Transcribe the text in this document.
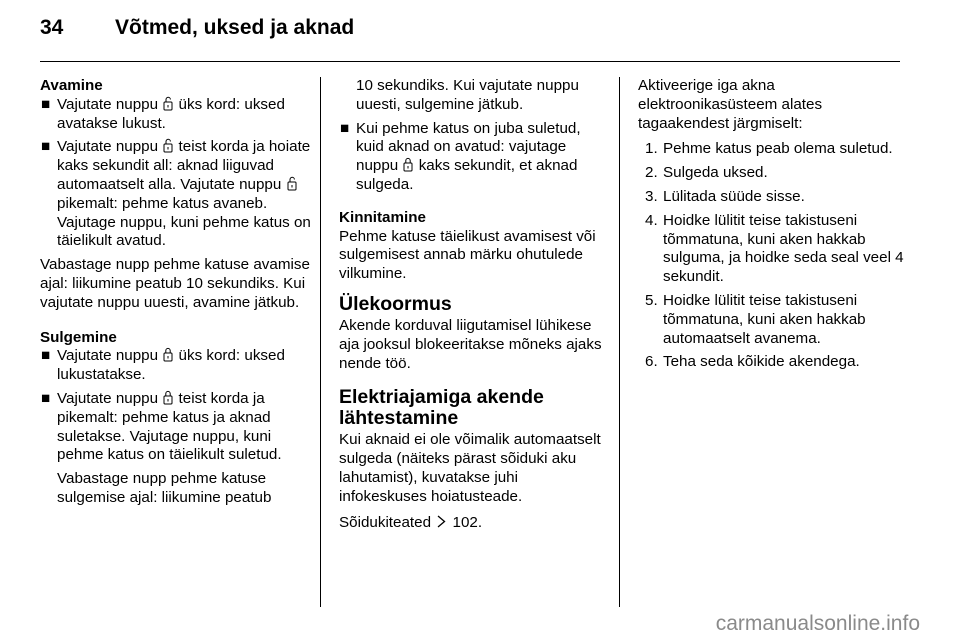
34 Võtmed, uksed ja aknad

Avamine

■ Vajutate nuppu üks kord: uksed avatakse lukust.
■ Vajutate nuppu teist korda ja hoiate kaks sekundit all: aknad liiguvad automaatselt alla. Vajutate nuppu
pikemalt: pehme katus avaneb. Vajutage nuppu, kuni pehme katus on täielikult avatud.

Vabastage nupp pehme katuse avamise ajal: liikumine peatub 10 sekundiks. Kui vajutate nuppu uuesti, avamine jätkub.

Sulgemine

■ Vajutate nuppu üks kord: uksed lukustatakse.
■ Vajutate nuppu teist korda ja pikemalt: pehme katus ja aknad suletakse. Vajutage nuppu, kuni pehme katus on täielikult suletud.

Vabastage nupp pehme katuse sulgemise ajal: liikumine peatub

10 sekundiks. Kui vajutate nuppu uuesti, sulgemine jätkub.

■ Kui pehme katus on juba suletud, kuid aknad on avatud: vajutage nuppu kaks sekundit, et aknad sulgeda.

Kinnitamine

Pehme katuse täielikust avamisest või sulgemisest annab märku ohutulede vilkumine.

Ülekoormus

Akende korduval liigutamisel lühikese aja jooksul blokeeritakse mõneks ajaks nende töö.

Elektriajamiga akende lähtestamine

Kui aknaid ei ole võimalik automaatselt sulgeda (näiteks pärast sõiduki aku lahutamist), kuvatakse juhi infokeskuses hoiatusteade.

Sõidukiteated 102.

Aktiveerige iga akna elektroonikasüsteem alates tagaakendest järgmiselt:

1. Pehme katus peab olema suletud.
2. Sulgeda uksed.
3. Lülitada süüde sisse.
4. Hoidke lülitit teise takistuseni tõmmatuna, kuni aken hakkab sulguma, ja hoidke seda seal veel 4 sekundit.
5. Hoidke lülitit teise takistuseni tõmmatuna, kuni aken hakkab automaatselt avanema.
6. Teha seda kõikide akendega.
carmanualsonline.info
